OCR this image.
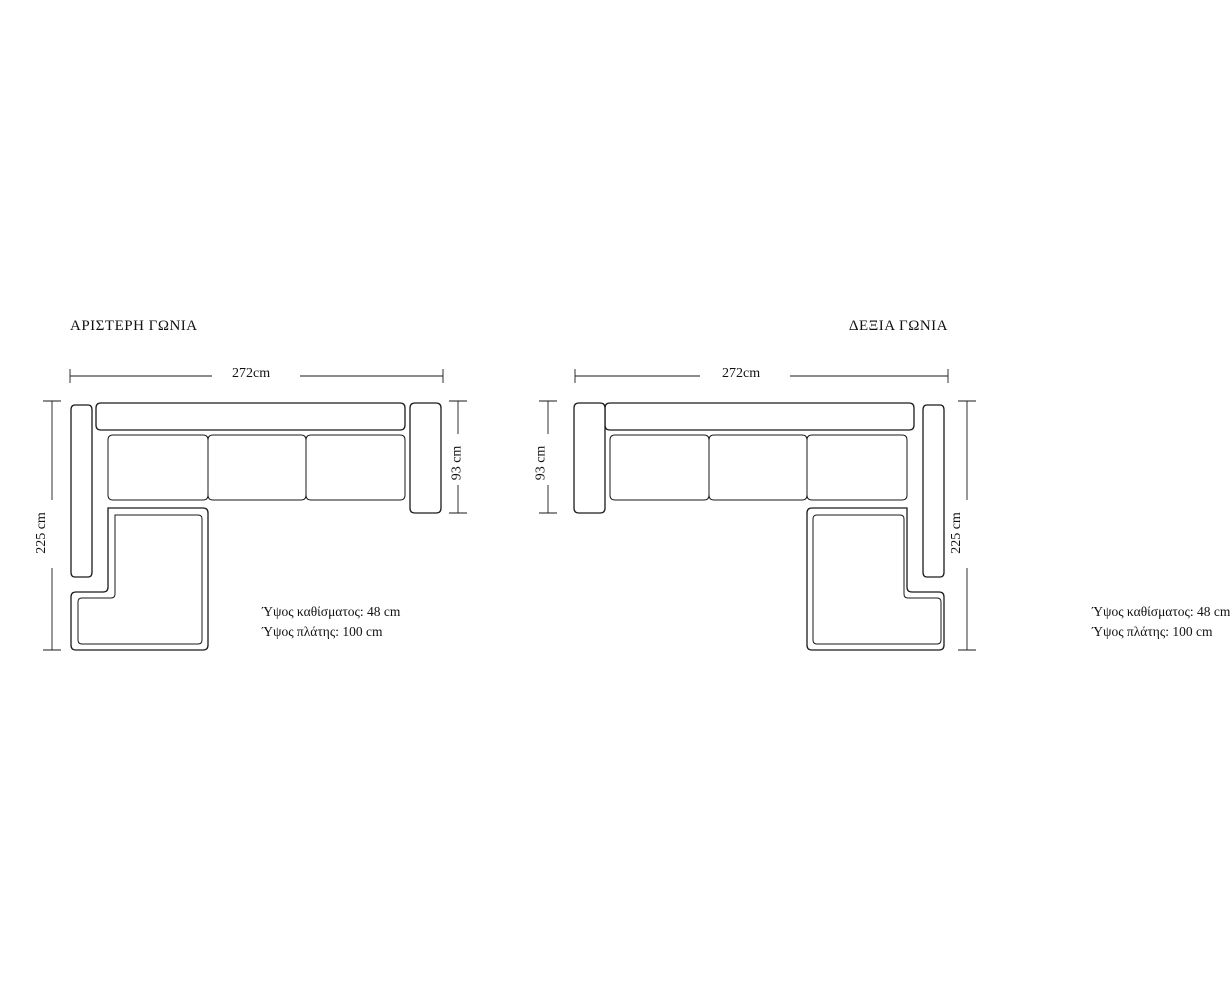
ΑΡΙΣΤΕΡΗ ΓΩΝΙΑ
272cm
93 cm
225 cm
Ύψος καθίσματος: 48 cm
Ύψος πλάτης: 100 cm
ΔΕΞΙΑ ΓΩΝΙΑ
272cm
93 cm
225 cm
Ύψος καθίσματος: 48 cm
Ύψος πλάτης: 100 cm
